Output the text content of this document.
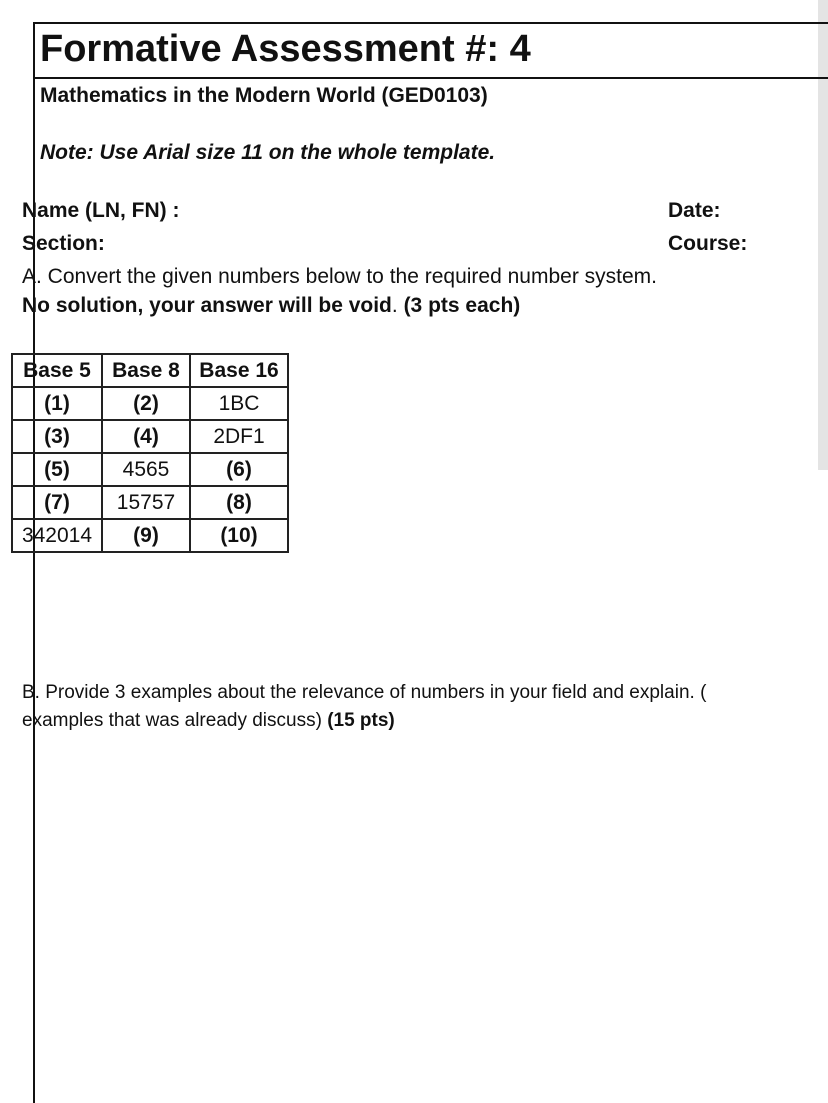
Formative Assessment #: 4
Mathematics in the Modern World (GED0103)
Note: Use Arial size 11 on the whole template.
Name (LN, FN) :
Section:
Date:
Course:
A. Convert the given numbers below to the required number system.
No solution, your answer will be void. (3 pts each)
Base 5	Base 8	Base 16
(1)	(2)	1BC
(3)	(4)	2DF1
(5)	4565	(6)
(7)	15757	(8)
342014	(9)	(10)
B. Provide 3 examples about the relevance of numbers in your field and explain. (
examples that was already discuss) (15 pts)
